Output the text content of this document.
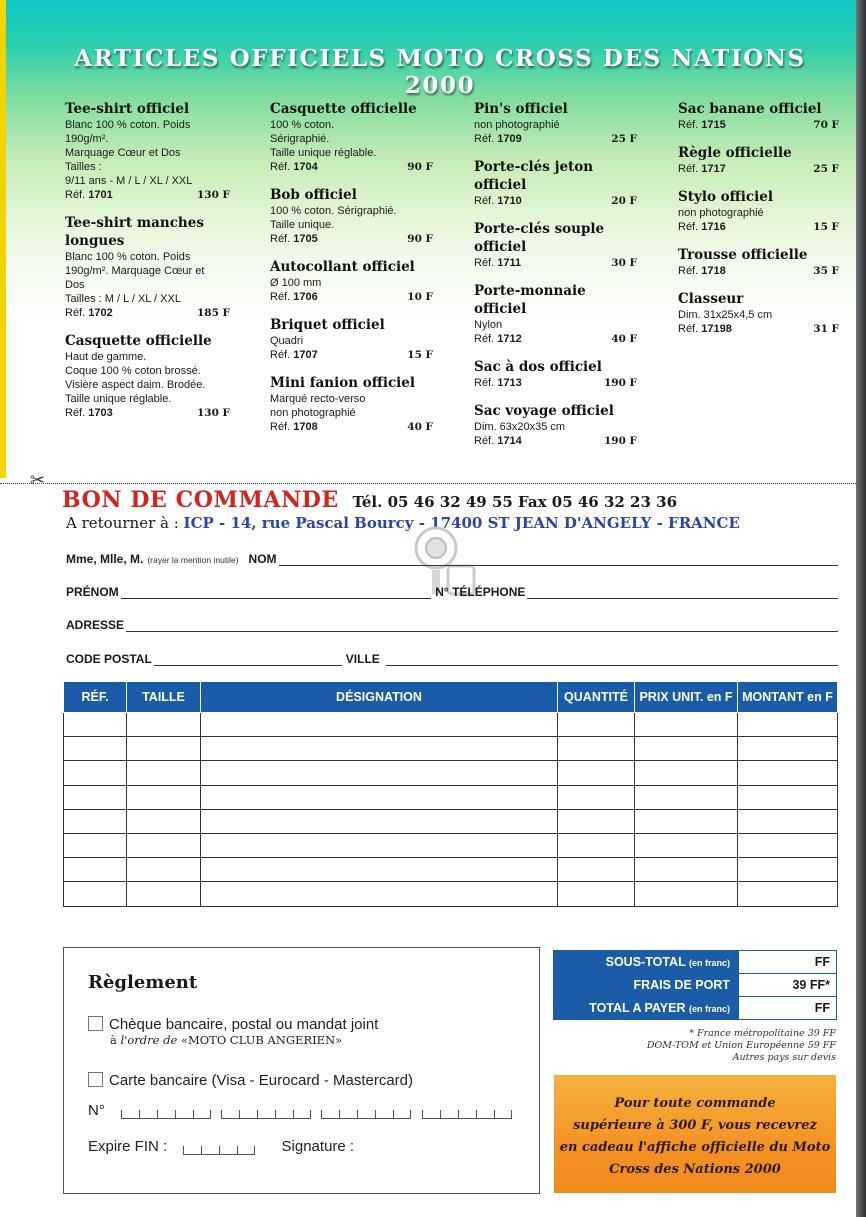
ARTICLES OFFICIELS MOTO CROSS DES NATIONS 2000
Tee-shirt officiel
Blanc 100 % coton. Poids
190g/m².
Marquage Cœur et Dos
Tailles :
9/11 ans - M / L / XL / XXL
Réf. 1701	130 F
Tee-shirt manches longues
Blanc 100 % coton. Poids
190g/m². Marquage Cœur et
Dos
Tailles : M / L / XL / XXL
Réf. 1702	185 F
Casquette officielle
Haut de gamme.
Coque 100 % coton brossé.
Visière aspect daim. Brodée.
Taille unique réglable.
Réf. 1703	130 F
Casquette officielle
100 % coton.
Sérigraphié.
Taille unique réglable.
Réf. 1704	90 F
Bob officiel
100 % coton. Sérigraphié.
Taille unique.
Réf. 1705	90 F
Autocollant officiel
Ø 100 mm
Réf. 1706	10 F
Briquet officiel
Quadri
Réf. 1707	15 F
Mini fanion officiel
Marqué recto-verso
non photographié
Réf. 1708	40 F
Pin's officiel
non photographié
Réf. 1709	25 F
Porte-clés jeton officiel
Réf. 1710	20 F
Porte-clés souple officiel
Réf. 1711	30 F
Porte-monnaie officiel
Nylon
Réf. 1712	40 F
Sac à dos officiel
Réf. 1713	190 F
Sac voyage officiel
Dim. 63x20x35 cm
Réf. 1714	190 F
Sac banane officiel
Réf. 1715	70 F
Règle officielle
Réf. 1717	25 F
Stylo officiel
non photographié
Réf. 1716	15 F
Trousse officielle
Réf. 1718	35 F
Classeur
Dim. 31x25x4,5 cm
Réf. 17198	31 F
✂
BON DE COMMANDE Tél. 05 46 32 49 55 Fax 05 46 32 23 36
A retourner à : ICP - 14, rue Pascal Bourcy - 17400 ST JEAN D'ANGELY - FRANCE
Mme, Mlle, M. (rayer la mention inutile) NOM
PRÉNOM	N° TÉLÉPHONE
ADRESSE
CODE POSTAL	VILLE
RÉF.	TAILLE	DÉSIGNATION	QUANTITÉ	PRIX UNIT. en F	MONTANT en F

Règlement
Chèque bancaire, postal ou mandat joint
à l'ordre de «MOTO CLUB ANGERIEN»
Carte bancaire (Visa - Eurocard - Mastercard)
N°

Expire FIN :	Signature :
SOUS-TOTAL (en franc)	FF
FRAIS DE PORT	39 FF*
TOTAL A PAYER (en franc)	FF
* France métropolitaine 39 FF
DOM-TOM et Union Européenne 59 FF
Autres pays sur devis
Pour toute commande
supérieure à 300 F, vous recevrez
en cadeau l'affiche officielle du Moto
Cross des Nations 2000
